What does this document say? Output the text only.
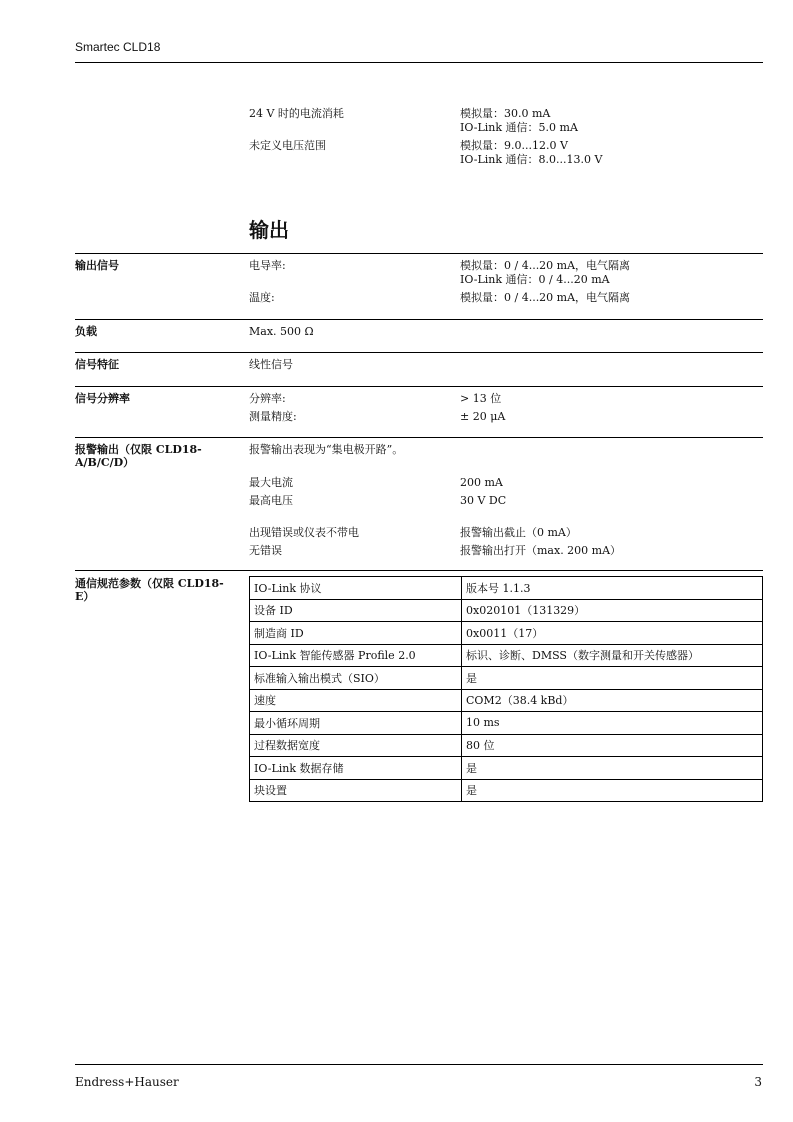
Smartec CLD18
24 V 时的电流消耗	模拟量：30.0 mA
IO-Link 通信：5.0 mA
未定义电压范围	模拟量：9.0...12.0 V
IO-Link 通信：8.0...13.0 V
输出
输出信号	电导率:	模拟量：0 / 4...20 mA，电气隔离
IO-Link 通信：0 / 4...20 mA
温度:	模拟量：0 / 4...20 mA，电气隔离
负载	Max. 500 Ω
信号特征	线性信号
信号分辨率	分辨率:	> 13 位
测量精度:	± 20 μA
报警输出（仅限 CLD18-A/B/C/D）
报警输出表现为“集电极开路”。
最大电流	200 mA
最高电压	30 V DC
出现错误或仪表不带电	报警输出截止（0 mA）
无错误	报警输出打开（max. 200 mA）
通信规范参数（仅限 CLD18-E）
IO-Link 协议	版本号 1.1.3
设备 ID	0x020101（131329）
制造商 ID	0x0011（17）
IO-Link 智能传感器 Profile 2.0	标识、诊断、DMSS（数字测量和开关传感器）
标准输入输出模式（SIO）	是
速度	COM2（38.4 kBd）
最小循环周期	10 ms
过程数据宽度	80 位
IO-Link 数据存储	是
块设置	是
Endress+Hauser	3
